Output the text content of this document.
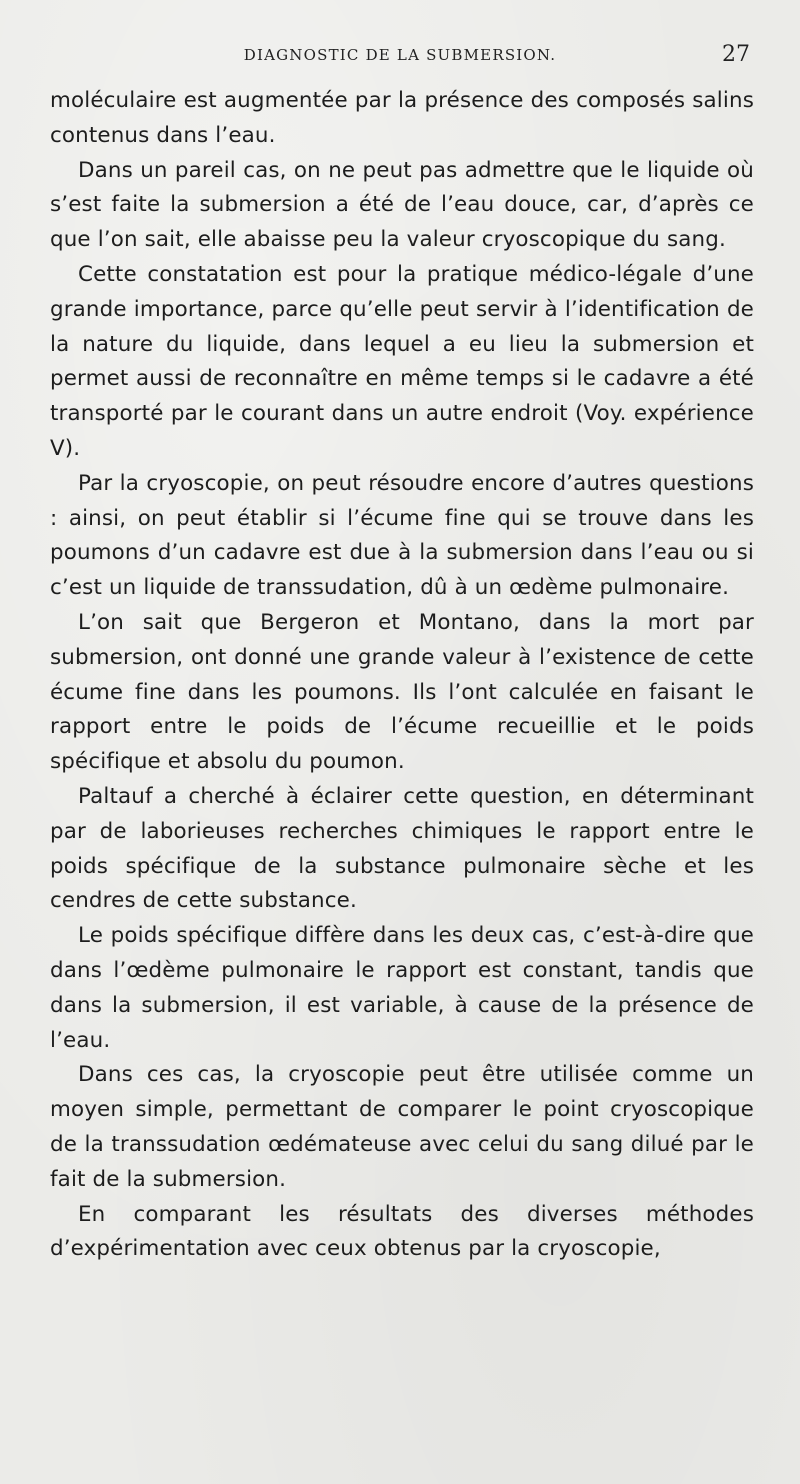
DIAGNOSTIC DE LA SUBMERSION.	27

moléculaire est augmentée par la présence des composés salins contenus dans l’eau.

Dans un pareil cas, on ne peut pas admettre que le liquide où s’est faite la submersion a été de l’eau douce, car, d’après ce que l’on sait, elle abaisse peu la valeur cryoscopique du sang.

Cette constatation est pour la pratique médico-légale d’une grande importance, parce qu’elle peut servir à l’identification de la nature du liquide, dans lequel a eu lieu la submersion et permet aussi de reconnaître en même temps si le cadavre a été transporté par le courant dans un autre endroit (Voy. expérience V).

Par la cryoscopie, on peut résoudre encore d’autres questions : ainsi, on peut établir si l’écume fine qui se trouve dans les poumons d’un cadavre est due à la submersion dans l’eau ou si c’est un liquide de transsudation, dû à un œdème pulmonaire.

L’on sait que Bergeron et Montano, dans la mort par submersion, ont donné une grande valeur à l’existence de cette écume fine dans les poumons. Ils l’ont calculée en faisant le rapport entre le poids de l’écume recueillie et le poids spécifique et absolu du poumon.

Paltauf a cherché à éclairer cette question, en déterminant par de laborieuses recherches chimiques le rapport entre le poids spécifique de la substance pulmonaire sèche et les cendres de cette substance.

Le poids spécifique diffère dans les deux cas, c’est-à-dire que dans l’œdème pulmonaire le rapport est constant, tandis que dans la submersion, il est variable, à cause de la présence de l’eau.

Dans ces cas, la cryoscopie peut être utilisée comme un moyen simple, permettant de comparer le point cryoscopique de la transsudation œdémateuse avec celui du sang dilué par le fait de la submersion.

En comparant les résultats des diverses méthodes d’expérimentation avec ceux obtenus par la cryoscopie,
